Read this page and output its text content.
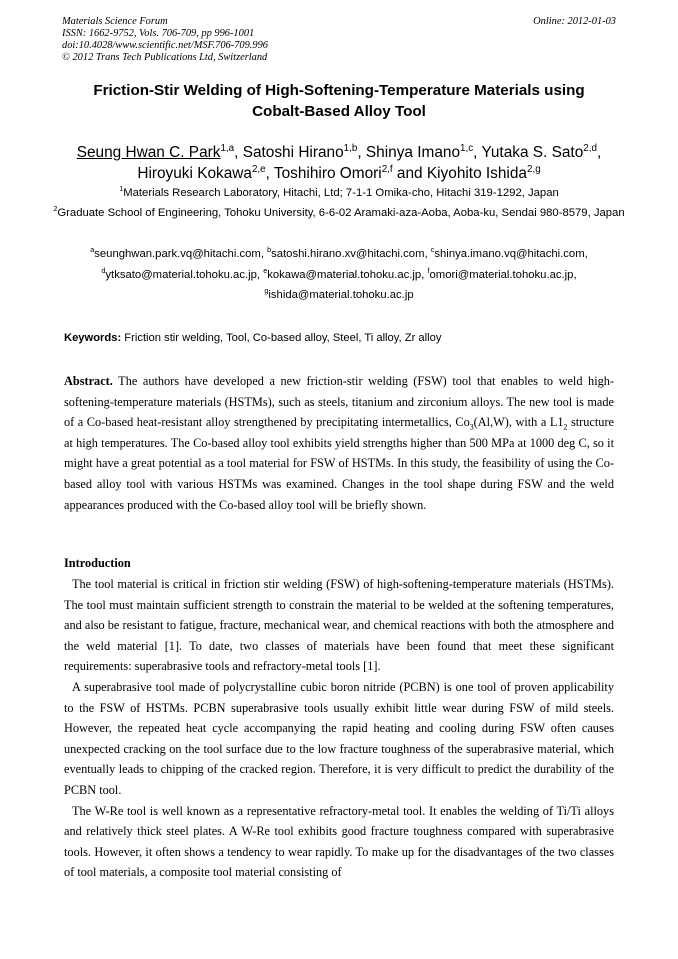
Materials Science Forum
ISSN: 1662-9752, Vols. 706-709, pp 996-1001
doi:10.4028/www.scientific.net/MSF.706-709.996
© 2012 Trans Tech Publications Ltd, Switzerland
Online: 2012-01-03
Friction-Stir Welding of High-Softening-Temperature Materials using
Cobalt-Based Alloy Tool
Seung Hwan C. Park$^{1,a}$, Satoshi Hirano$^{1,b}$, Shinya Imano$^{1,c}$, Yutaka S. Sato$^{2,d}$,
Hiroyuki Kokawa$^{2,e}$, Toshihiro Omori$^{2,f}$ and Kiyohito Ishida$^{2,g}$
$^1$Materials Research Laboratory, Hitachi, Ltd; 7-1-1 Omika-cho, Hitachi 319-1292, Japan
$^2$Graduate School of Engineering, Tohoku University, 6-6-02 Aramaki-aza-Aoba, Aoba-ku, Sendai 980-8579, Japan
$^a$seunghwan.park.vq@hitachi.com, $^b$satoshi.hirano.xv@hitachi.com, $^c$shinya.imano.vq@hitachi.com,
$^d$ytksato@material.tohoku.ac.jp, $^e$kokawa@material.tohoku.ac.jp, $^f$omori@material.tohoku.ac.jp,
$^g$ishida@material.tohoku.ac.jp
Keywords: Friction stir welding, Tool, Co-based alloy, Steel, Ti alloy, Zr alloy
Abstract. The authors have developed a new friction-stir welding (FSW) tool that enables to weld high-softening-temperature materials (HSTMs), such as steels, titanium and zirconium alloys. The new tool is made of a Co-based heat-resistant alloy strengthened by precipitating intermetallics, $Co_3(Al,W)$, with a $L1_2$ structure at high temperatures. The Co-based alloy tool exhibits yield strengths higher than 500 MPa at 1000 deg C, so it might have a great potential as a tool material for FSW of HSTMs. In this study, the feasibility of using the Co-based alloy tool with various HSTMs was examined. Changes in the tool shape during FSW and the weld appearances produced with the Co-based alloy tool will be briefly shown.
Introduction

The tool material is critical in friction stir welding (FSW) of high-softening-temperature materials (HSTMs). The tool must maintain sufficient strength to constrain the material to be welded at the softening temperatures, and also be resistant to fatigue, fracture, mechanical wear, and chemical reactions with both the atmosphere and the weld material [1]. To date, two classes of materials have been found that meet these significant requirements: superabrasive tools and refractory-metal tools [1].

A superabrasive tool made of polycrystalline cubic boron nitride (PCBN) is one tool of proven applicability to the FSW of HSTMs. PCBN superabrasive tools usually exhibit little wear during FSW of mild steels. However, the repeated heat cycle accompanying the rapid heating and cooling during FSW often causes unexpected cracking on the tool surface due to the low fracture toughness of the superabrasive material, which eventually leads to chipping of the cracked region. Therefore, it is very difficult to predict the durability of the PCBN tool.

The W-Re tool is well known as a representative refractory-metal tool. It enables the welding of Ti/Ti alloys and relatively thick steel plates. A W-Re tool exhibits good fracture toughness compared with superabrasive tools. However, it often shows a tendency to wear rapidly. To make up for the disadvantages of the two classes of tool materials, a composite tool material consisting of
